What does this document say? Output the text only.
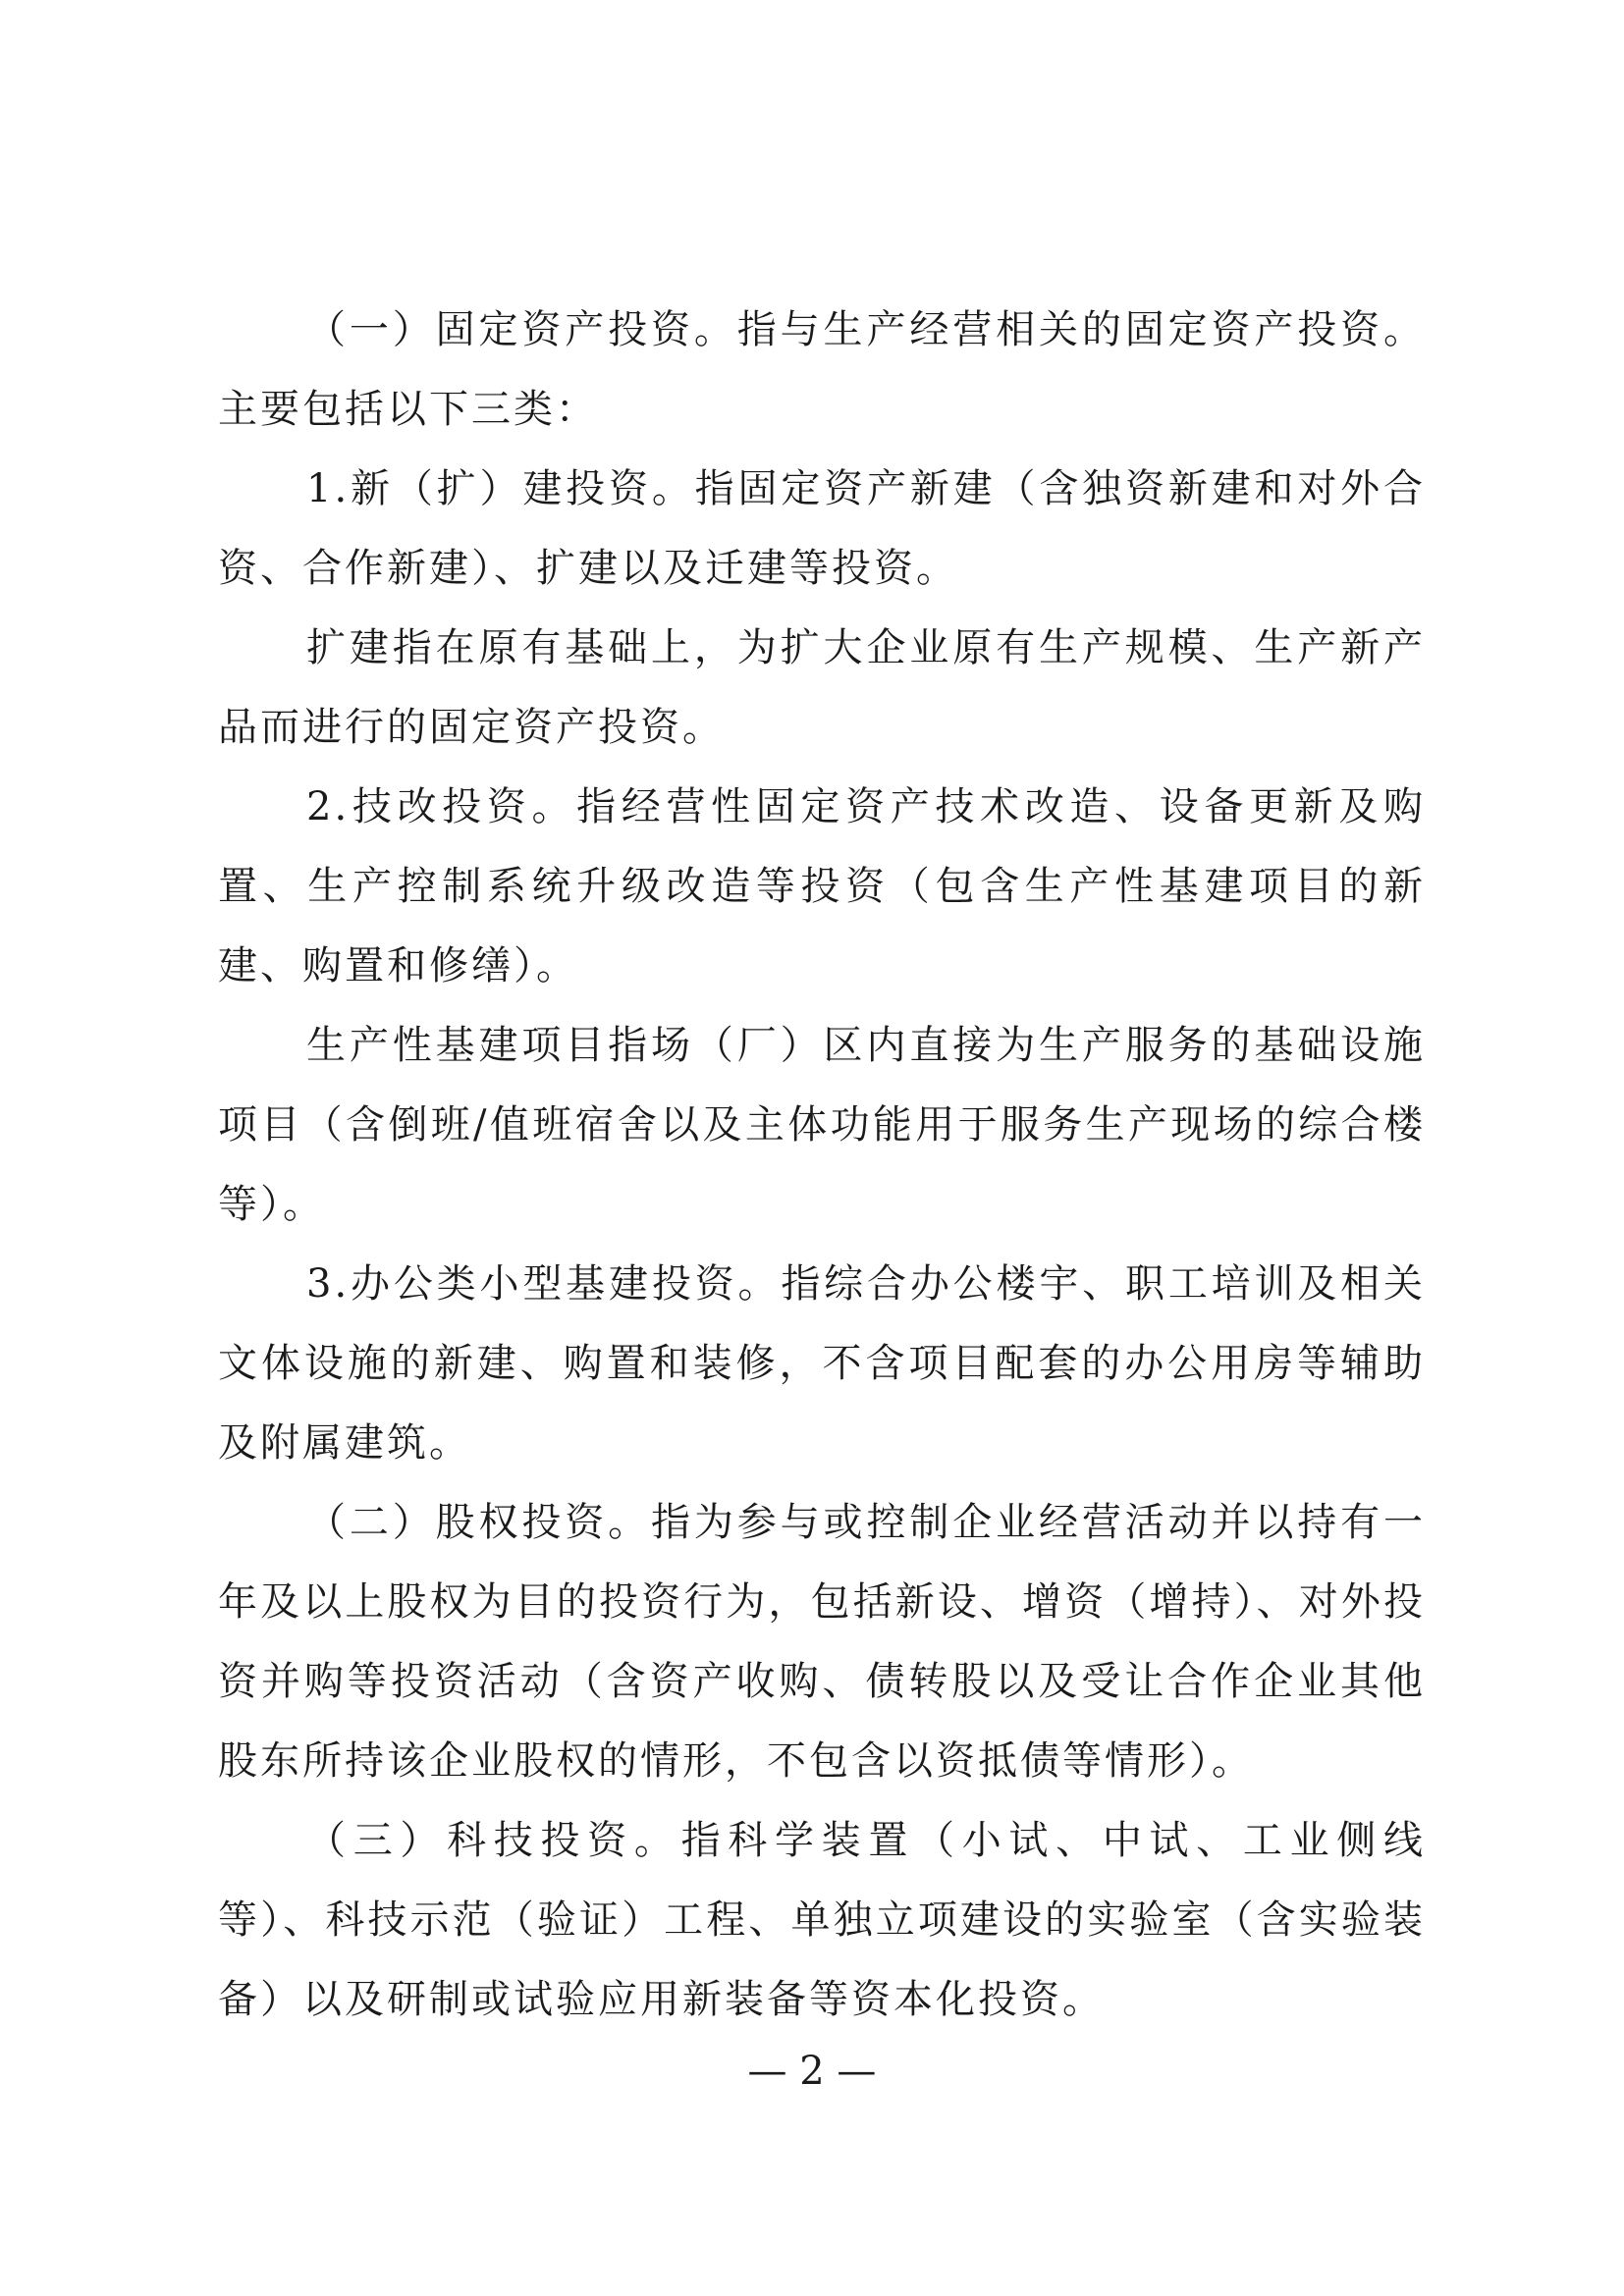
（一）固定资产投资。指与生产经营相关的固定资产投资。主要包括以下三类：

1.新（扩）建投资。指固定资产新建（含独资新建和对外合资、合作新建）、扩建以及迁建等投资。

扩建指在原有基础上，为扩大企业原有生产规模、生产新产品而进行的固定资产投资。

2.技改投资。指经营性固定资产技术改造、设备更新及购置、生产控制系统升级改造等投资（包含生产性基建项目的新建、购置和修缮）。

生产性基建项目指场（厂）区内直接为生产服务的基础设施项目（含倒班/值班宿舍以及主体功能用于服务生产现场的综合楼等）。

3.办公类小型基建投资。指综合办公楼宇、职工培训及相关文体设施的新建、购置和装修，不含项目配套的办公用房等辅助及附属建筑。

（二）股权投资。指为参与或控制企业经营活动并以持有一年及以上股权为目的投资行为，包括新设、增资（增持）、对外投资并购等投资活动（含资产收购、债转股以及受让合作企业其他股东所持该企业股权的情形，不包含以资抵债等情形）。

（三）科技投资。指科学装置（小试、中试、工业侧线等）、科技示范（验证）工程、单独立项建设的实验室（含实验装备）以及研制或试验应用新装备等资本化投资。

— 2 —
